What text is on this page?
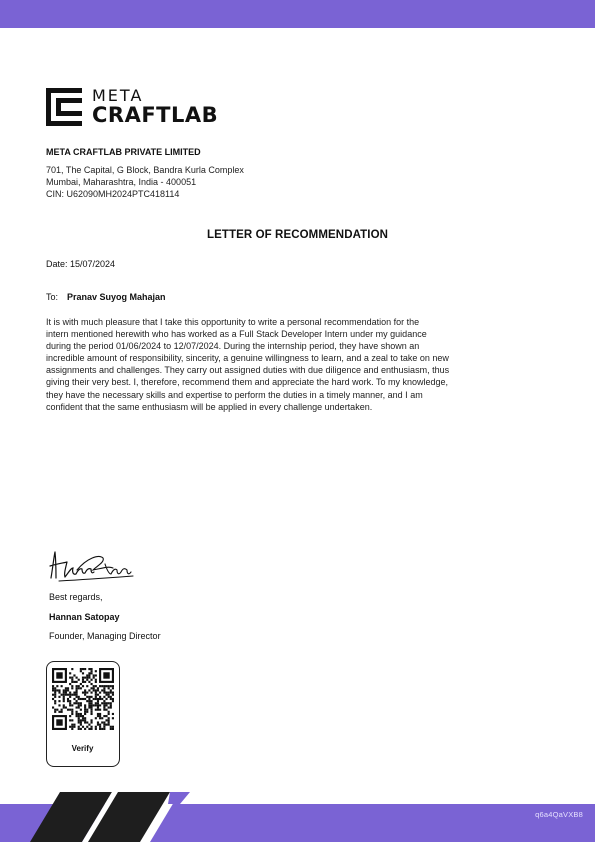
META
CRAFTLAB
META CRAFTLAB PRIVATE LIMITED
701, The Capital, G Block, Bandra Kurla Complex
Mumbai, Maharashtra, India - 400051
CIN: U62090MH2024PTC418114
LETTER OF RECOMMENDATION
Date: 15/07/2024
To: Pranav Suyog Mahajan
It is with much pleasure that I take this opportunity to write a personal recommendation for the
intern mentioned herewith who has worked as a Full Stack Developer Intern under my guidance
during the period 01/06/2024 to 12/07/2024. During the internship period, they have shown an
incredible amount of responsibility, sincerity, a genuine willingness to learn, and a zeal to take on new
assignments and challenges. They carry out assigned duties with due diligence and enthusiasm, thus
giving their very best. I, therefore, recommend them and appreciate the hard work. To my knowledge,
they have the necessary skills and expertise to perform the duties in a timely manner, and I am
confident that the same enthusiasm will be applied in every challenge undertaken.
Best regards,
Hannan Satopay
Founder, Managing Director
Verify
q6a4QaVXB8
